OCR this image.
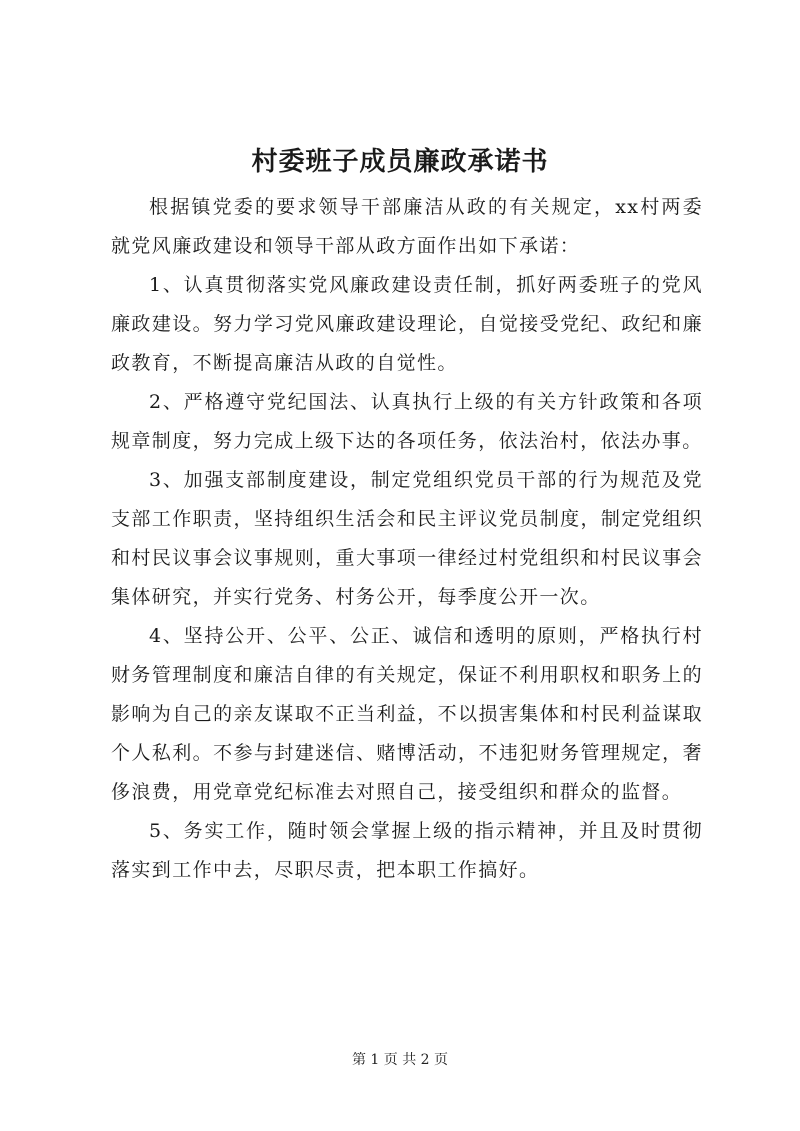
村委班子成员廉政承诺书

根据镇党委的要求领导干部廉洁从政的有关规定，xx村两委就党风廉政建设和领导干部从政方面作出如下承诺：

1、认真贯彻落实党风廉政建设责任制，抓好两委班子的党风廉政建设。努力学习党风廉政建设理论，自觉接受党纪、政纪和廉政教育，不断提高廉洁从政的自觉性。

2、严格遵守党纪国法、认真执行上级的有关方针政策和各项规章制度，努力完成上级下达的各项任务，依法治村，依法办事。

3、加强支部制度建设，制定党组织党员干部的行为规范及党支部工作职责，坚持组织生活会和民主评议党员制度，制定党组织和村民议事会议事规则，重大事项一律经过村党组织和村民议事会集体研究，并实行党务、村务公开，每季度公开一次。

4、坚持公开、公平、公正、诚信和透明的原则，严格执行村财务管理制度和廉洁自律的有关规定，保证不利用职权和职务上的影响为自己的亲友谋取不正当利益，不以损害集体和村民利益谋取个人私利。不参与封建迷信、赌博活动，不违犯财务管理规定，奢侈浪费，用党章党纪标准去对照自己，接受组织和群众的监督。

5、务实工作，随时领会掌握上级的指示精神，并且及时贯彻落实到工作中去，尽职尽责，把本职工作搞好。

第 1 页 共 2 页
